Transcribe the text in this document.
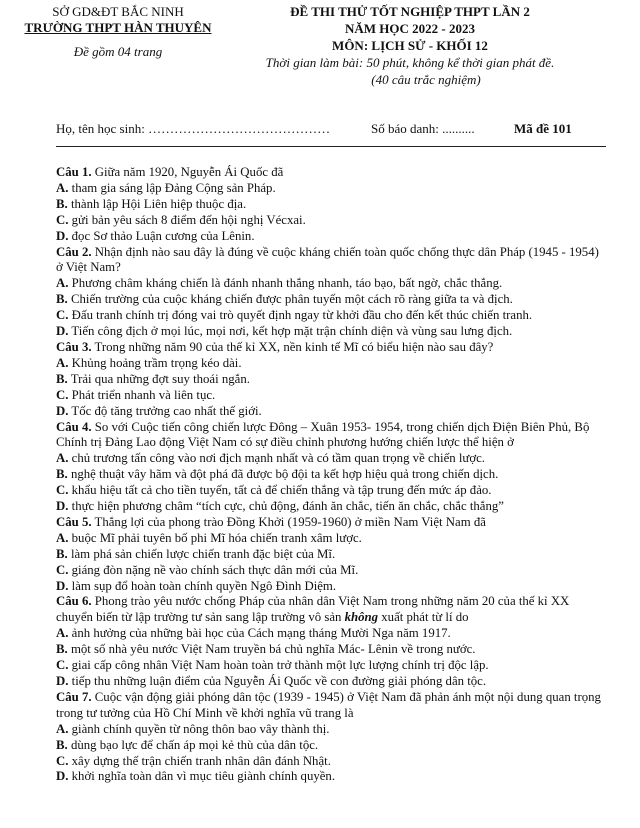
SỞ GD&ĐT BẮC NINH
TRƯỜNG THPT HÀN THUYÊN
Đề gồm 04 trang
ĐỀ THI THỬ TỐT NGHIỆP THPT LẦN 2
NĂM HỌC 2022 - 2023
MÔN: LỊCH SỬ - KHỐI 12
Thời gian làm bài: 50 phút, không kể thời gian phát đề.
(40 câu trắc nghiệm)
Họ, tên học sinh: ……………………………………	Số báo danh: ..........	Mã đề 101
Câu 1. Giữa năm 1920, Nguyễn Ái Quốc đã
A. tham gia sáng lập Đảng Cộng sản Pháp.
B. thành lập Hội Liên hiệp thuộc địa.
C. gửi bản yêu sách 8 điểm đến hội nghị Vécxai.
D. đọc Sơ thảo Luận cương của Lênin.
Câu 2. Nhận định nào sau đây là đúng về cuộc kháng chiến toàn quốc chống thực dân Pháp (1945 - 1954)
ở Việt Nam?
A. Phương châm kháng chiến là đánh nhanh thắng nhanh, táo bạo, bất ngờ, chắc thắng.
B. Chiến trường của cuộc kháng chiến được phân tuyến một cách rõ ràng giữa ta và địch.
C. Đấu tranh chính trị đóng vai trò quyết định ngay từ khởi đầu cho đến kết thúc chiến tranh.
D. Tiến công địch ở mọi lúc, mọi nơi, kết hợp mặt trận chính diện và vùng sau lưng địch.
Câu 3. Trong những năm 90 của thế kỉ XX, nền kinh tế Mĩ có biểu hiện nào sau đây?
A. Khủng hoảng trầm trọng kéo dài.
B. Trải qua những đợt suy thoái ngắn.
C. Phát triển nhanh và liên tục.
D. Tốc độ tăng trưởng cao nhất thế giới.
Câu 4. So với Cuộc tiến công chiến lược Đông – Xuân 1953- 1954, trong chiến dịch Điện Biên Phủ, Bộ
Chính trị Đảng Lao động Việt Nam có sự điều chỉnh phương hướng chiến lược thể hiện ở
A. chủ trương tấn công vào nơi địch mạnh nhất và có tầm quan trọng về chiến lược.
B. nghệ thuật vây hãm và đột phá đã được bộ đội ta kết hợp hiệu quả trong chiến dịch.
C. khẩu hiệu tất cả cho tiền tuyến, tất cả để chiến thắng và tập trung đến mức áp đảo.
D. thực hiện phương châm “tích cực, chủ động, đánh ăn chắc, tiến ăn chắc, chắc thắng”
Câu 5. Thắng lợi của phong trào Đồng Khởi (1959-1960) ở miền Nam Việt Nam đã
A. buộc Mĩ phải tuyên bố phi Mĩ hóa chiến tranh xâm lược.
B. làm phá sản chiến lược chiến tranh đặc biệt của Mĩ.
C. giáng đòn nặng nề vào chính sách thực dân mới của Mĩ.
D. làm sụp đổ hoàn toàn chính quyền Ngô Đình Diệm.
Câu 6. Phong trào yêu nước chống Pháp của nhân dân Việt Nam trong những năm 20 của thế kỉ XX
chuyển biến từ lập trường tư sản sang lập trường vô sản không xuất phát từ lí do
A. ảnh hưởng của những bài học của Cách mạng tháng Mười Nga năm 1917.
B. một số nhà yêu nước Việt Nam truyền bá chủ nghĩa Mác- Lênin về trong nước.
C. giai cấp công nhân Việt Nam hoàn toàn trở thành một lực lượng chính trị độc lập.
D. tiếp thu những luận điểm của Nguyễn Ái Quốc về con đường giải phóng dân tộc.
Câu 7. Cuộc vận động giải phóng dân tộc (1939 - 1945) ở Việt Nam đã phản ánh một nội dung quan trọng
trong tư tưởng của Hồ Chí Minh về khởi nghĩa vũ trang là
A. giành chính quyền từ nông thôn bao vây thành thị.
B. dùng bạo lực để chấn áp mọi kẻ thù của dân tộc.
C. xây dựng thế trận chiến tranh nhân dân đánh Nhật.
D. khởi nghĩa toàn dân vì mục tiêu giành chính quyền.
